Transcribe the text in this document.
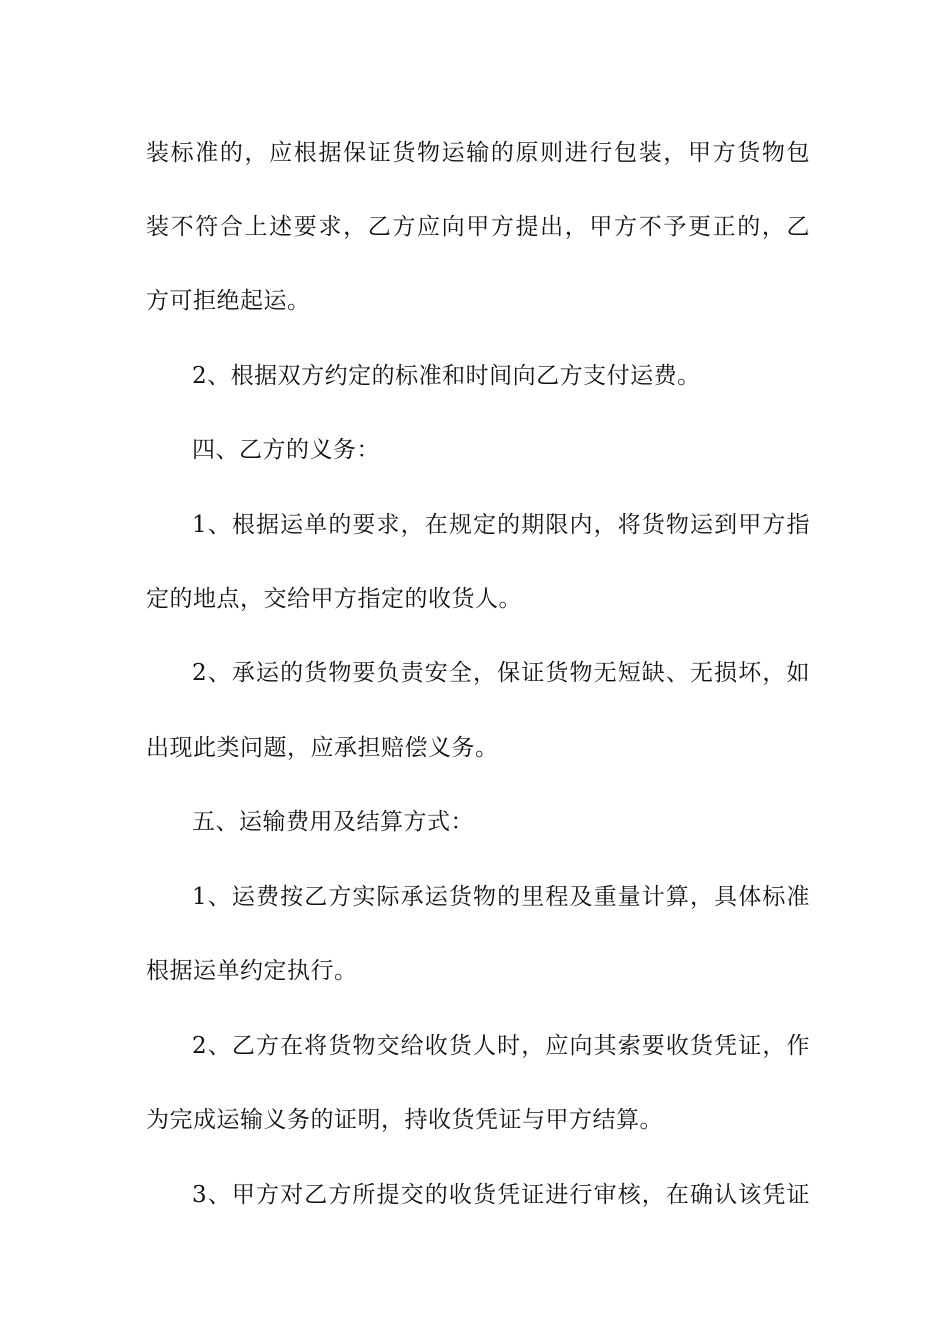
装标准的，应根据保证货物运输的原则进行包装，甲方货物包
装不符合上述要求，乙方应向甲方提出，甲方不予更正的，乙
方可拒绝起运。
2、根据双方约定的标准和时间向乙方支付运费。
四、乙方的义务：
1、根据运单的要求，在规定的期限内，将货物运到甲方指
定的地点，交给甲方指定的收货人。
2、承运的货物要负责安全，保证货物无短缺、无损坏，如
出现此类问题，应承担赔偿义务。
五、运输费用及结算方式：
1、运费按乙方实际承运货物的里程及重量计算，具体标准
根据运单约定执行。
2、乙方在将货物交给收货人时，应向其索要收货凭证，作
为完成运输义务的证明，持收货凭证与甲方结算。
3、甲方对乙方所提交的收货凭证进行审核，在确认该凭证
